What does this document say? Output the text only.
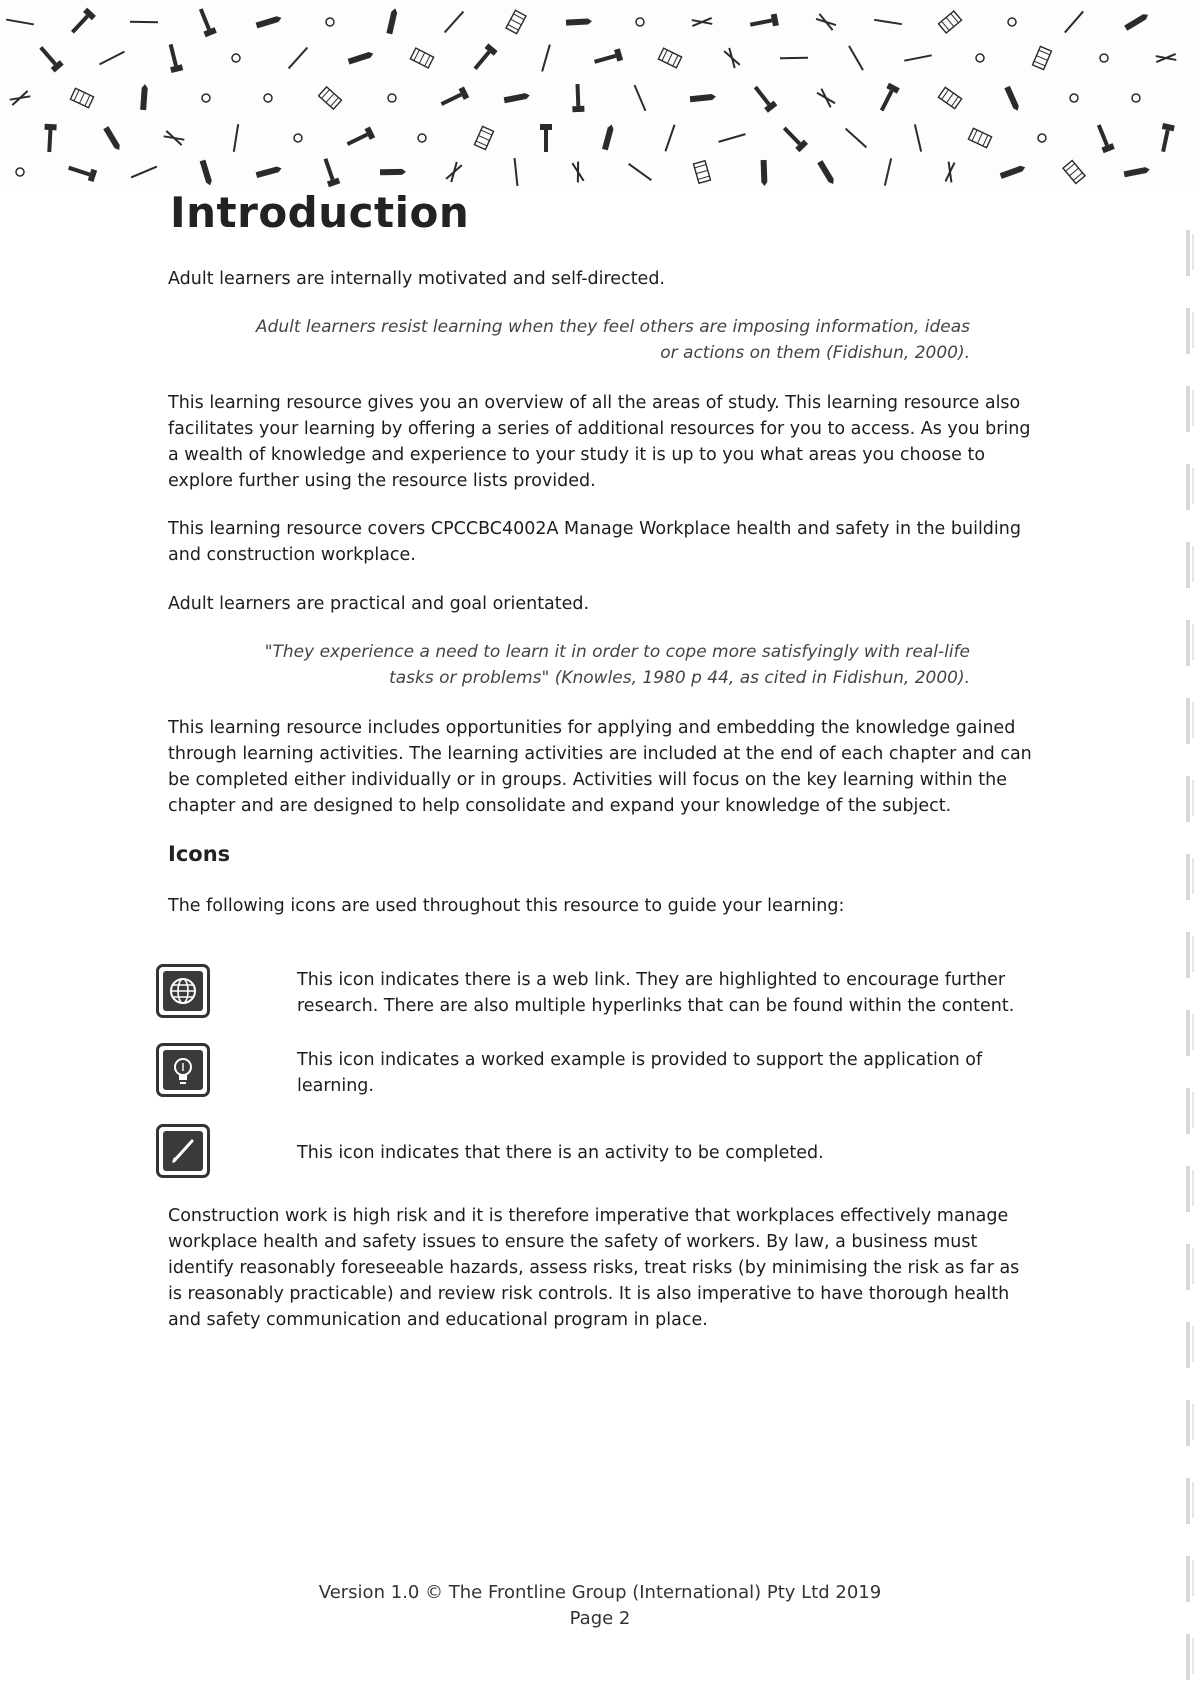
Introduction

Adult learners are internally motivated and self-directed.

Adult learners resist learning when they feel others are imposing information, ideas
or actions on them (Fidishun, 2000).

This learning resource gives you an overview of all the areas of study. This learning resource also facilitates your learning by offering a series of additional resources for you to access. As you bring a wealth of knowledge and experience to your study it is up to you what areas you choose to explore further using the resource lists provided.

This learning resource covers CPCCBC4002A Manage Workplace health and safety in the building and construction workplace.

Adult learners are practical and goal orientated.

"They experience a need to learn it in order to cope more satisfyingly with real-life
tasks or problems" (Knowles, 1980 p 44, as cited in Fidishun, 2000).

This learning resource includes opportunities for applying and embedding the knowledge gained through learning activities. The learning activities are included at the end of each chapter and can be completed either individually or in groups. Activities will focus on the key learning within the chapter and are designed to help consolidate and expand your knowledge of the subject.

Icons

The following icons are used throughout this resource to guide your learning:

This icon indicates there is a web link. They are highlighted to encourage further research. There are also multiple hyperlinks that can be found within the content.

This icon indicates a worked example is provided to support the application of learning.

This icon indicates that there is an activity to be completed.

Construction work is high risk and it is therefore imperative that workplaces effectively manage workplace health and safety issues to ensure the safety of workers. By law, a business must identify reasonably foreseeable hazards, assess risks, treat risks (by minimising the risk as far as is reasonably practicable) and review risk controls. It is also imperative to have thorough health and safety communication and educational program in place.

Version 1.0 © The Frontline Group (International) Pty Ltd 2019
Page 2
